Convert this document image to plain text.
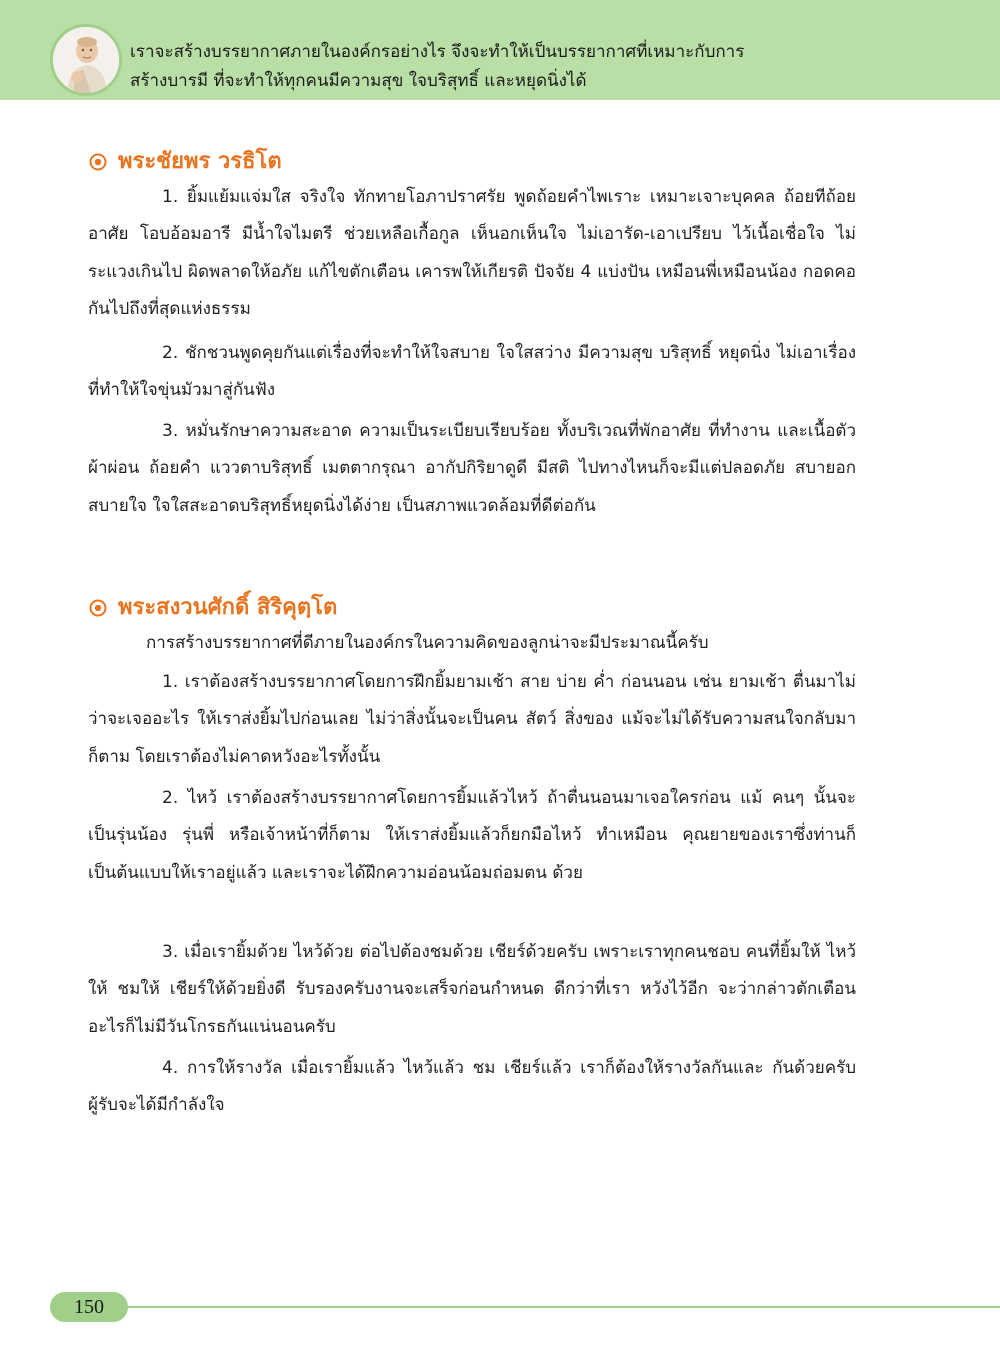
เราจะสร้างบรรยากาศภายในองค์กรอย่างไร จึงจะทำให้เป็นบรรยากาศที่เหมาะกับการ
สร้างบารมี ที่จะทำให้ทุกคนมีความสุข ใจบริสุทธิ์ และหยุดนิ่งได้
พระชัยพร วรธิโต
1. ยิ้มแย้มแจ่มใส จริงใจ ทักทายโอภาปราศรัย พูดถ้อยคำไพเราะ เหมาะเจาะบุคคล ถ้อยทีถ้อยอาศัย โอบอ้อมอารี มีน้ำใจไมตรี ช่วยเหลือเกื้อกูล เห็นอกเห็นใจ ไม่เอารัด-เอาเปรียบ ไว้เนื้อเชื่อใจ ไม่ระแวงเกินไป ผิดพลาดให้อภัย แก้ไขตักเตือน เคารพให้เกียรติ ปัจจัย 4 แบ่งปัน เหมือนพี่เหมือนน้อง กอดคอกันไปถึงที่สุดแห่งธรรม
2. ชักชวนพูดคุยกันแต่เรื่องที่จะทำให้ใจสบาย ใจใสสว่าง มีความสุข บริสุทธิ์ หยุดนิ่ง ไม่เอาเรื่องที่ทำให้ใจขุ่นมัวมาสู่กันฟัง
3. หมั่นรักษาความสะอาด ความเป็นระเบียบเรียบร้อย ทั้งบริเวณที่พักอาศัย ที่ทำงาน และเนื้อตัว ผ้าผ่อน ถ้อยคำ แววตาบริสุทธิ์ เมตตากรุณา อากัปกิริยาดูดี มีสติ ไปทางไหนก็จะมีแต่ปลอดภัย สบายอกสบายใจ ใจใสสะอาดบริสุทธิ์หยุดนิ่งได้ง่าย เป็นสภาพแวดล้อมที่ดีต่อกัน
พระสงวนศักดิ์ สิริคุตฺโต
การสร้างบรรยากาศที่ดีภายในองค์กรในความคิดของลูกน่าจะมีประมาณนี้ครับ
1. เราต้องสร้างบรรยากาศโดยการฝึกยิ้มยามเช้า สาย บ่าย ค่ำ ก่อนนอน เช่น ยามเช้า ตื่นมาไม่ว่าจะเจออะไร ให้เราส่งยิ้มไปก่อนเลย ไม่ว่าสิ่งนั้นจะเป็นคน สัตว์ สิ่งของ แม้จะไม่ได้รับความสนใจกลับมาก็ตาม โดยเราต้องไม่คาดหวังอะไรทั้งนั้น
2. ไหว้ เราต้องสร้างบรรยากาศโดยการยิ้มแล้วไหว้ ถ้าตื่นนอนมาเจอใครก่อน แม้ คนๆ นั้นจะเป็นรุ่นน้อง รุ่นพี่ หรือเจ้าหน้าที่ก็ตาม ให้เราส่งยิ้มแล้วก็ยกมือไหว้ ทำเหมือน คุณยายของเราซึ่งท่านก็เป็นต้นแบบให้เราอยู่แล้ว และเราจะได้ฝึกความอ่อนน้อมถ่อมตน ด้วย
3. เมื่อเรายิ้มด้วย ไหว้ด้วย ต่อไปต้องชมด้วย เชียร์ด้วยครับ เพราะเราทุกคนชอบ คนที่ยิ้มให้ ไหว้ให้ ชมให้ เชียร์ให้ด้วยยิ่งดี รับรองครับงานจะเสร็จก่อนกำหนด ดีกว่าที่เรา หวังไว้อีก จะว่ากล่าวตักเตือนอะไรก็ไม่มีวันโกรธกันแน่นอนครับ
4. การให้รางวัล เมื่อเรายิ้มแล้ว ไหว้แล้ว ชม เชียร์แล้ว เราก็ต้องให้รางวัลกันและ กันด้วยครับ ผู้รับจะได้มีกำลังใจ
150
